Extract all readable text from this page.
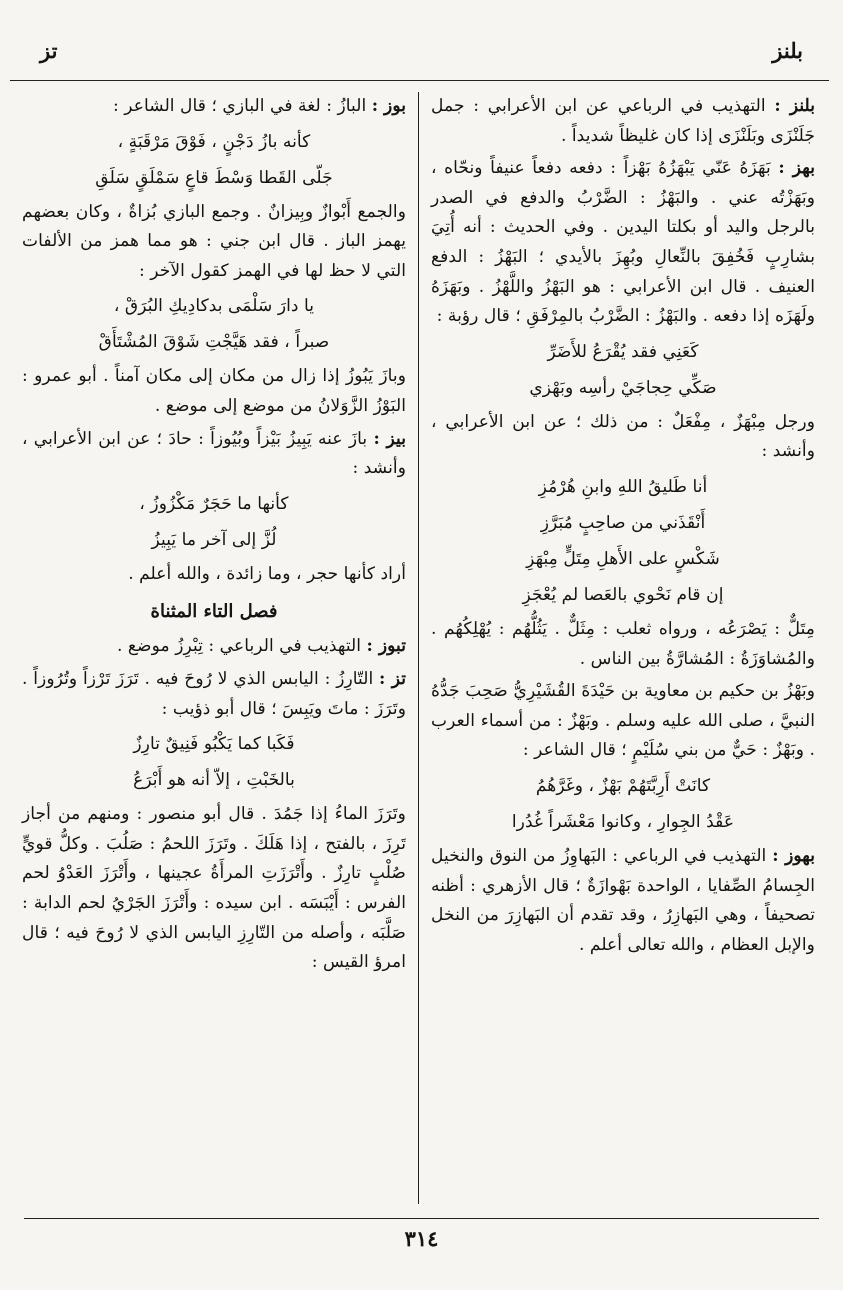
بلنز
تز

بلنز : التهذيب في الرباعي عن ابن الأعرابي : جمل جَلَنْزَى وبَلَنْزَى إذا كان غليظاً شديداً .

بهز : بَهَزَهُ عَنّي يَبْهَزُهُ بَهْزاً : دفعه دفعاً عنيفاً ونحّاه ، وبَهَزْتُه عني . والبَهْزُ : الضَّرْبُ والدفع في الصدر بالرجل واليد أو بكلتا اليدين . وفي الحديث : أنه أُتِيَ بشارِبٍ فَخُفِقَ بالنِّعالِ وبُهِزَ بالأيدي ؛ البَهْزُ : الدفع العنيف . قال ابن الأعرابي : هو البَهْزُ واللَّهْزُ . وبَهَزَهُ ولَهَزَه إذا دفعه . والبَهْزُ : الضَّرْبُ بالمِرْفَقِ ؛ قال رؤبة :

كَعَنِي فقد يُقْرَعُ للأَضَرِّ
صَكِّي حِجاجَيْ رأسِه وبَهْزي

ورجل مِبْهَزٌ ، مِفْعَلٌ : من ذلك ؛ عن ابن الأعرابي ، وأنشد :

أنا طَليقُ اللهِ وابنِ هُرْمُزِ
أَنْقَذَني من صاحِبٍ مُبَرَّزِ
شَكْسٍ على الأَهلِ مِتَلٍّ مِبْهَزِ
إن قام نَحْوي بالعَصا لم يُعْجَزِ

مِتَلٌّ : يَصْرَعُه ، ورواه ثعلب : مِثَلٌّ . يَثُلُّهُم : يُهْلِكُهُم . والمُشاوَزَةُ : المُشارَّةُ بين الناس .

وبَهْزُ بن حكيم بن معاوية بن حَيْدَةَ القُشَيْرِيُّ صَحِبَ جَدُّهُ النبيَّ ، صلى الله عليه وسلم . وبَهْزٌ : من أسماء العرب . وبَهْزٌ : حَيٌّ من بني سُلَيْمٍ ؛ قال الشاعر :

كانَتْ أَرِبَّتَهُمْ بَهْزٌ ، وغَرَّهُمُ
عَقْدُ الجِوارِ ، وكانوا مَعْشَراً غُدُرا

بهوز : التهذيب في الرباعي : البَهاوِزُ من النوق والنخيل الجِسامُ الصِّفايا ، الواحدة بَهْوازَةٌ ؛ قال الأزهري : أظنه تصحيفاً ، وهي البَهازِرُ ، وقد تقدم أن البَهازِرَ من النخل والإبل العظام ، والله تعالى أعلم .

بوز : البازُ : لغة في البازي ؛ قال الشاعر :

كأنه بازُ دَجْنٍ ، فَوْقَ مَرْقَبَةٍ ،
جَلّى القَطا وَسْطَ قاعٍ سَمْلَقٍ سَلَقِ

والجمع أَبْوازٌ وبِيزانٌ . وجمع البازي بُزاةٌ ، وكان بعضهم يهمز الباز . قال ابن جني : هو مما همز من الألفات التي لا حظ لها في الهمز كقول الآخر :

يا دارَ سَلْمَى بدكادِيكِ البُرَقْ ،
صبراً ، فقد هَيَّجْتِ شَوْقَ المُشْتَأَقْ

وبازَ يَبُوزُ إذا زال من مكان إلى مكان آمناً . أبو عمرو : البَوْزُ الزَّوَلانُ من موضع إلى موضع .

بيز : بازَ عنه يَبِيزُ بَيْزاً وبُيُوزاً : حادَ ؛ عن ابن الأعرابي ، وأنشد :

كأنها ما حَجَرٌ مَكْزُوزُ ،
لُزَّ إلى آخر ما يَبِيزُ

أراد كأنها حجر ، وما زائدة ، والله أعلم .

فصل التاء المثناة

تبوز : التهذيب في الرباعي : تِبْرِزُ موضع .

تز : التّارِزُ : اليابس الذي لا رُوحَ فيه . تَرَزَ تَرْزاً وتُرُوزاً . وتَرَزَ : ماتَ ويَبِسَ ؛ قال أبو ذؤيب :

فَكَبا كما يَكْبُو فَنِيقٌ تارِزٌ
بالخَبْتِ ، إلاّ أنه هو أَبْرَعُ

وتَرَزَ الماءُ إذا جَمُدَ . قال أبو منصور : ومنهم من أجاز تَرِزَ ، بالفتح ، إذا هَلَكَ . وتَرَزَ اللحمُ : صَلُبَ . وكلُّ قويٍّ صُلْبٍ تارِزٌ . وأَتْرَزَتِ المرأَةُ عجينها ، وأَتْرَزَ العَدْوُ لحم الفرس : أَيْبَسَه . ابن سيده : وأَتْرَزَ الجَرْيُ لحم الدابة : صَلَّبَه ، وأصله من التّارِزِ اليابس الذي لا رُوحَ فيه ؛ قال امرؤ القيس :

٣١٤
